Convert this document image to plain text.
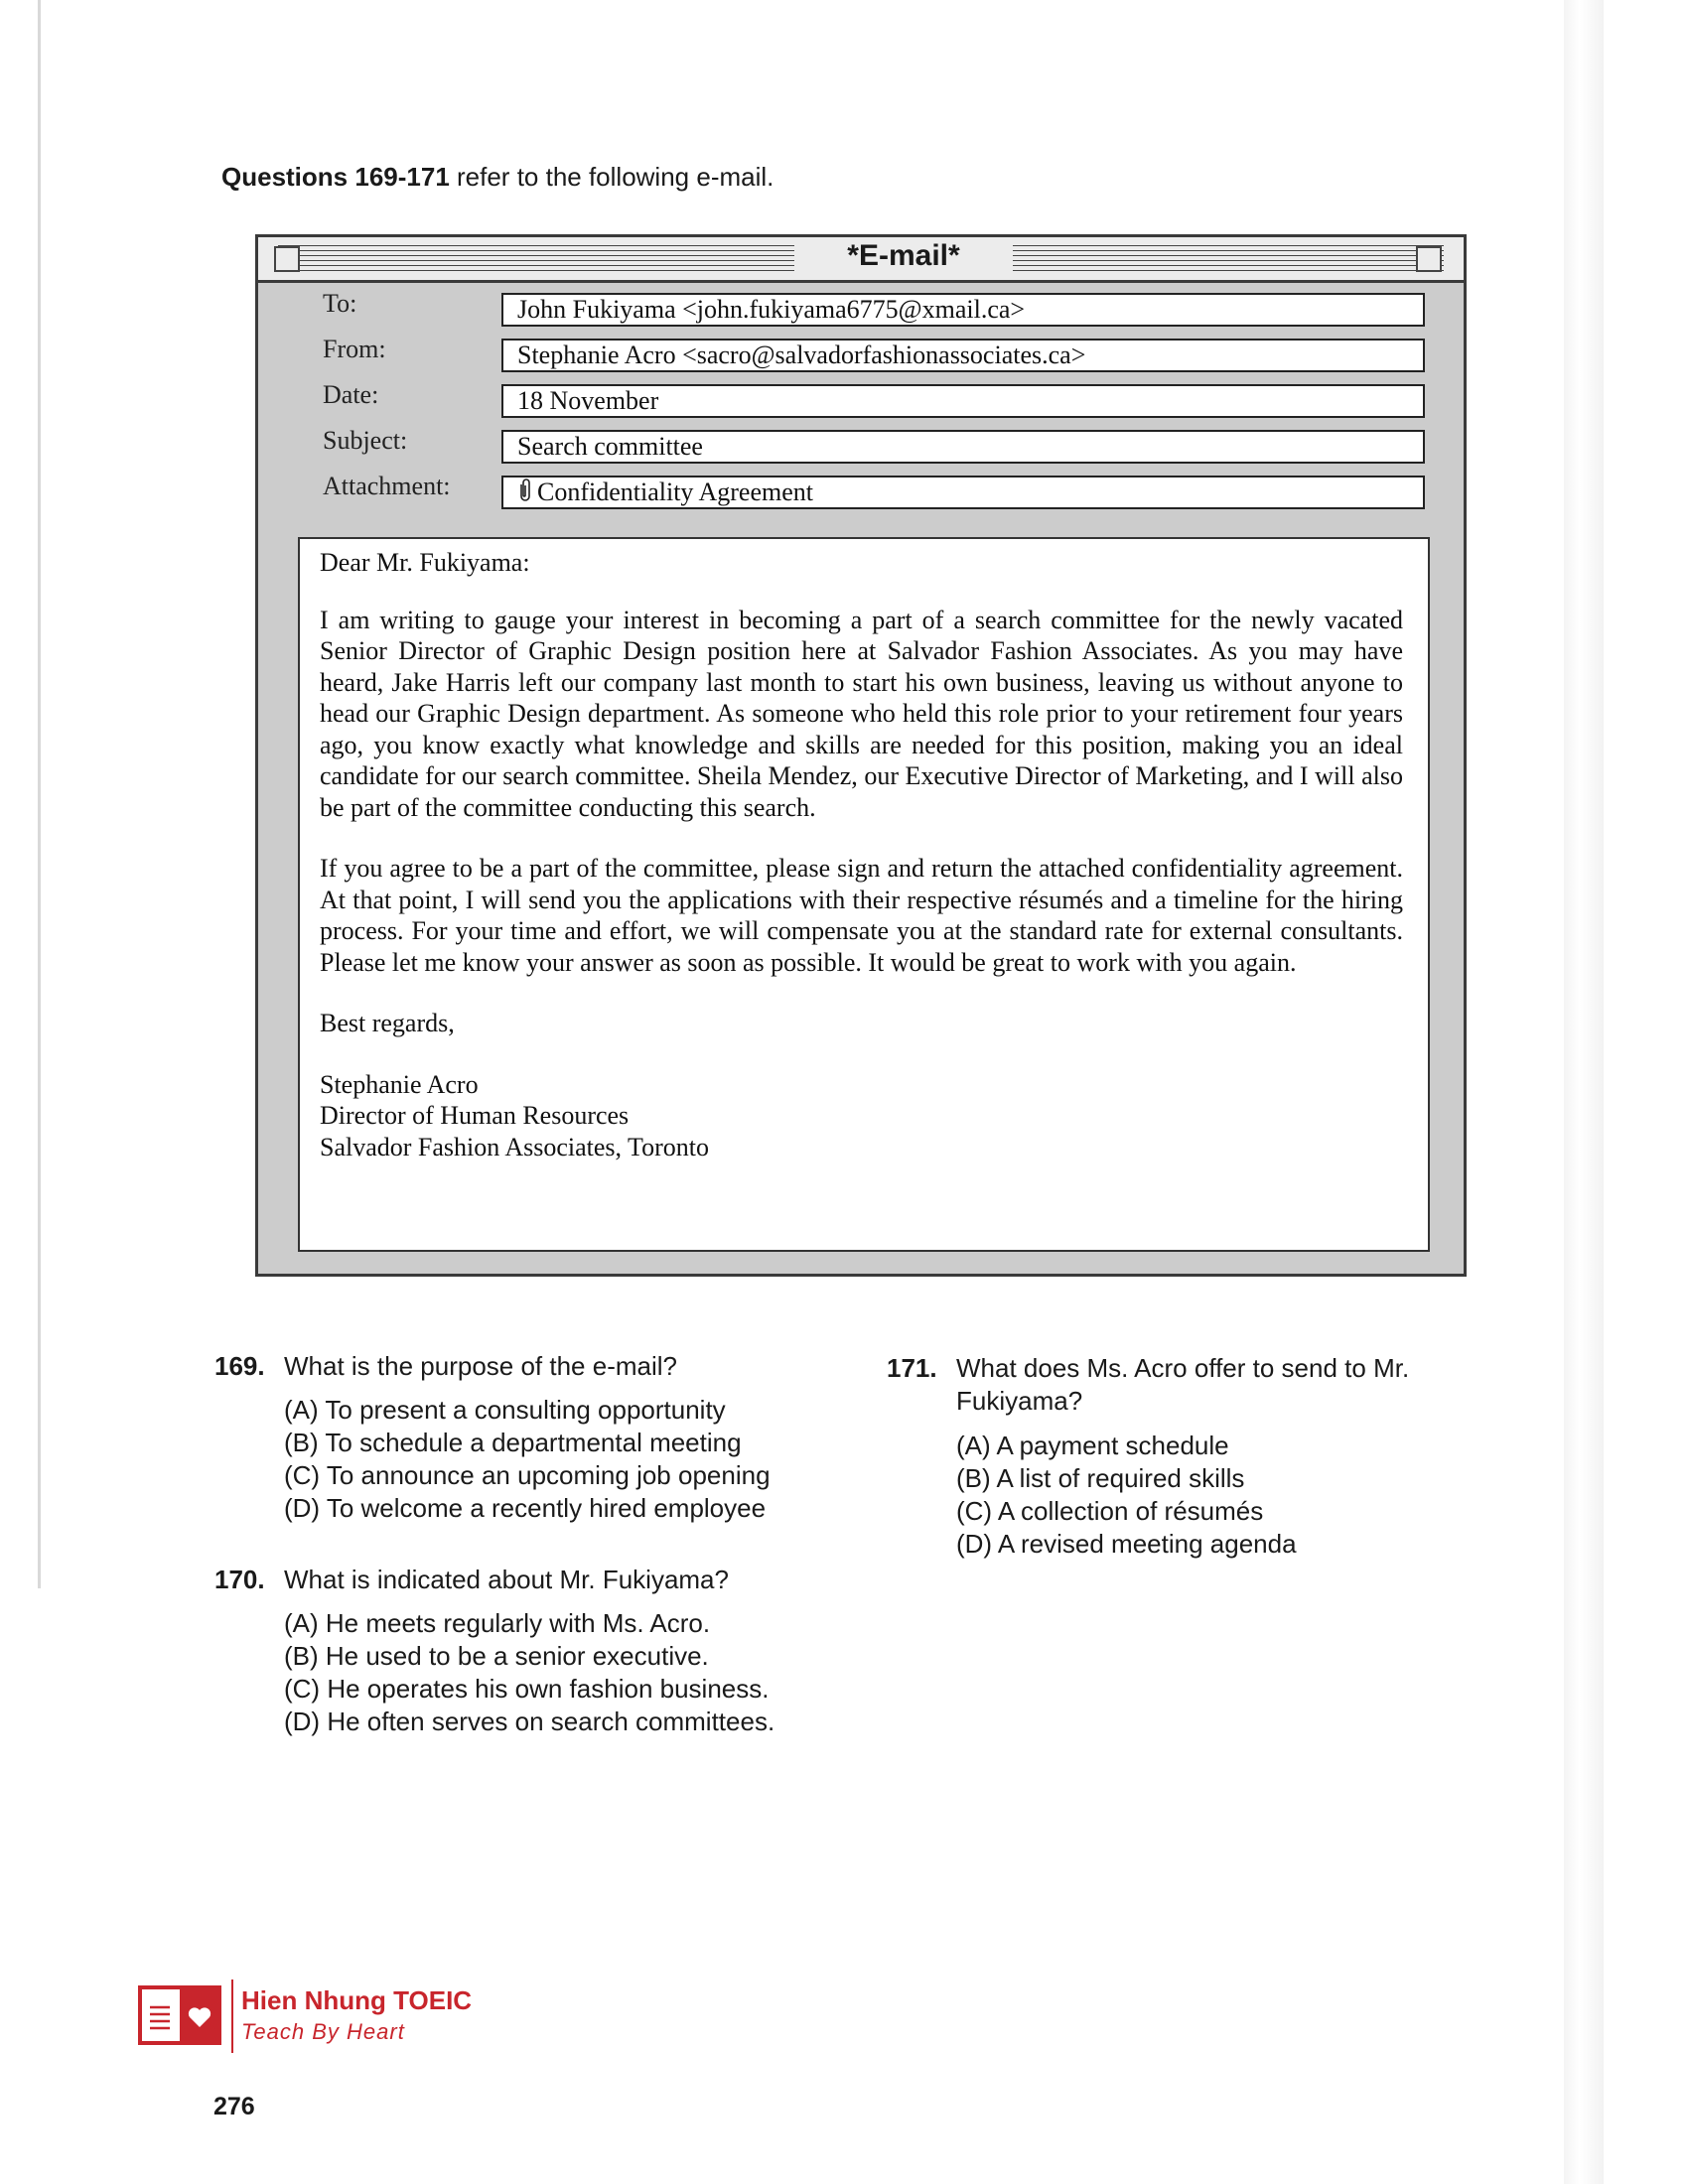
Questions 169-171 refer to the following e-mail.
*E-mail*
To:	John Fukiyama <john.fukiyama6775@xmail.ca>
From:	Stephanie Acro <sacro@salvadorfashionassociates.ca>
Date:	18 November
Subject:	Search committee
Attachment:	Confidentiality Agreement

Dear Mr. Fukiyama:

I am writing to gauge your interest in becoming a part of a search committee for the newly vacated Senior Director of Graphic Design position here at Salvador Fashion Associates. As you may have heard, Jake Harris left our company last month to start his own business, leaving us without anyone to head our Graphic Design department. As someone who held this role prior to your retirement four years ago, you know exactly what knowledge and skills are needed for this position, making you an ideal candidate for our search committee. Sheila Mendez, our Executive Director of Marketing, and I will also be part of the committee conducting this search.

If you agree to be a part of the committee, please sign and return the attached confidentiality agreement. At that point, I will send you the applications with their respective résumés and a timeline for the hiring process. For your time and effort, we will compensate you at the standard rate for external consultants. Please let me know your answer as soon as possible. It would be great to work with you again.

Best regards,

Stephanie Acro
Director of Human Resources
Salvador Fashion Associates, Toronto
169. What is the purpose of the e-mail?
(A) To present a consulting opportunity
(B) To schedule a departmental meeting
(C) To announce an upcoming job opening
(D) To welcome a recently hired employee
170. What is indicated about Mr. Fukiyama?
(A) He meets regularly with Ms. Acro.
(B) He used to be a senior executive.
(C) He operates his own fashion business.
(D) He often serves on search committees.
171. What does Ms. Acro offer to send to Mr. Fukiyama?
(A) A payment schedule
(B) A list of required skills
(C) A collection of résumés
(D) A revised meeting agenda
Hien Nhung TOEIC
Teach By Heart
276
